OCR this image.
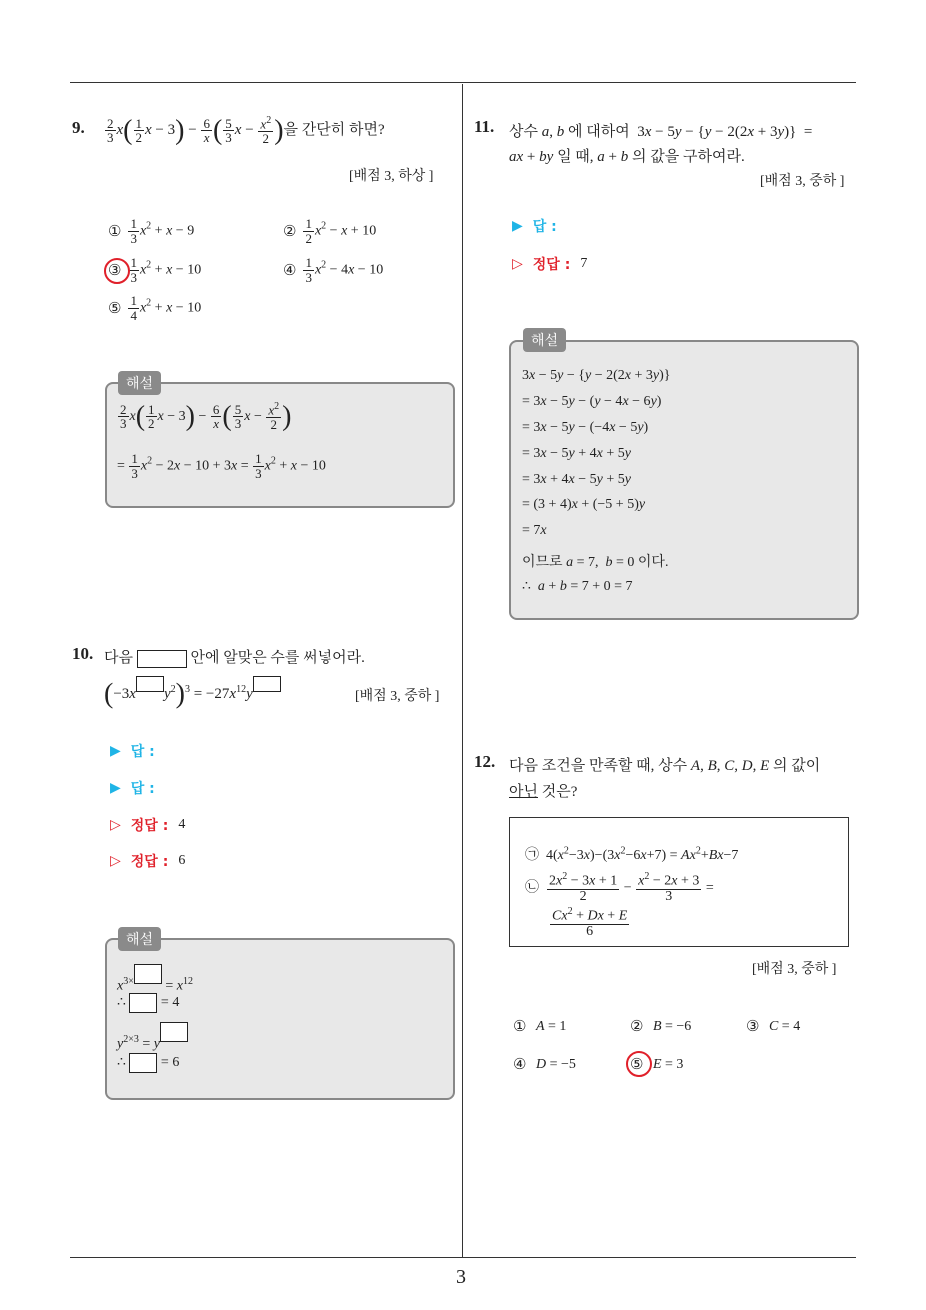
3
9. $\frac{2}{3} x( \frac{1}{2}$ $x - 3) - \frac{6}{x}$ ( $\frac{5}{3}$ $x - \frac{x^2}{2}$ )을 간단히 하면?
[배점 3, 하상 ]
① $\frac{1}{3} x^2 + x - 9$	② $\frac{1}{2} x^2 - x + 10$
③ $\frac{1}{3} x^2 + x - 10$	④ $\frac{1}{3} x^2 - 4x - 10$
⑤ $\frac{1}{4} x^2 + x - 10$
해설
$\frac{2}{3} x( \frac{1}{2}$ $x - 3) - \frac{6}{x}$ ( $\frac{5}{3}$ $x - \frac{x^2}{2}$ )
= $\frac{1}{3} x^2 - 2x - 10 + 3x = \frac{1}{3} x^2 + x - 10$
10. 다음	안에 알맞은 수를 써넣어라.
(−3x $y^2)^3 = -27x^{12}y$	[배점 3, 중하 ]
▶ 답 :
▶ 답 :
▷ 정답 : 4
▷ 정답 : 6
해설
$x^{3\times} = x^{12}$
∴  = 4
$y^{2\times 3} = y$
∴  = 6
11. 상수 a, b 에 대하여  3x − 5y − {y − 2(2x + 3y)}  =
ax + by 일 때, a + b 의 값을 구하여라.
[배점 3, 중하 ]
▶ 답 :
▷ 정답 : 7
해설
3x − 5y − {y − 2(2x + 3y)}
= 3x − 5y − (y − 4x − 6y)
= 3x − 5y − (−4x − 5y)
= 3x − 5y + 4x + 5y
= 3x + 4x − 5y + 5y
= (3 + 4)x + (−5 + 5)y
= 7x
이므로 a = 7,  b = 0 이다.
∴  a + b = 7 + 0 = 7
12. 다음 조건을 만족할 때, 상수 A, B, C, D, E 의 값이
아닌 것은?
㉠  $4(x^2-3x)-(3x^2-6x+7) = Ax^2+Bx-7$
㉡ $\frac{2x^2 - 3x + 1}{2} - \frac{x^2 - 2x + 3}{3}$ =
$\frac{Cx^2 + Dx + E}{6}$
[배점 3, 중하 ]
① A = 1	② B = −6	③ C = 4
④ D = −5	⑤ E = 3
